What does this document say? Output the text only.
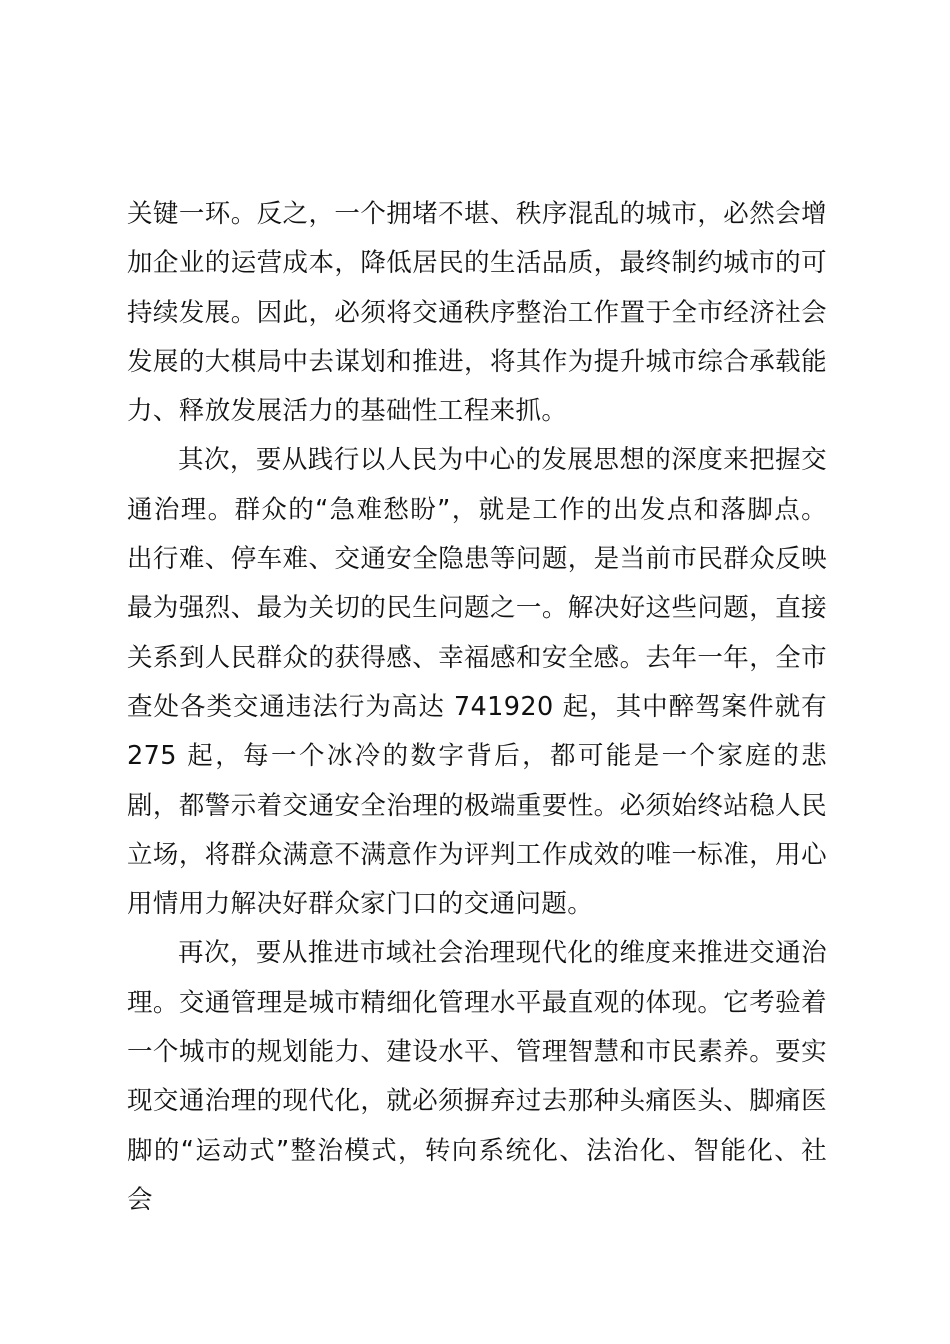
关键一环。反之，一个拥堵不堪、秩序混乱的城市，必然会增加企业的运营成本，降低居民的生活品质，最终制约城市的可持续发展。因此，必须将交通秩序整治工作置于全市经济社会发展的大棋局中去谋划和推进，将其作为提升城市综合承载能力、释放发展活力的基础性工程来抓。

其次，要从践行以人民为中心的发展思想的深度来把握交通治理。群众的“急难愁盼”，就是工作的出发点和落脚点。出行难、停车难、交通安全隐患等问题，是当前市民群众反映最为强烈、最为关切的民生问题之一。解决好这些问题，直接关系到人民群众的获得感、幸福感和安全感。去年一年，全市查处各类交通违法行为高达 741920 起，其中醉驾案件就有275 起，每一个冰冷的数字背后，都可能是一个家庭的悲剧，都警示着交通安全治理的极端重要性。必须始终站稳人民立场，将群众满意不满意作为评判工作成效的唯一标准，用心用情用力解决好群众家门口的交通问题。

再次，要从推进市域社会治理现代化的维度来推进交通治理。交通管理是城市精细化管理水平最直观的体现。它考验着一个城市的规划能力、建设水平、管理智慧和市民素养。要实现交通治理的现代化，就必须摒弃过去那种头痛医头、脚痛医脚的“运动式”整治模式，转向系统化、法治化、智能化、社会
